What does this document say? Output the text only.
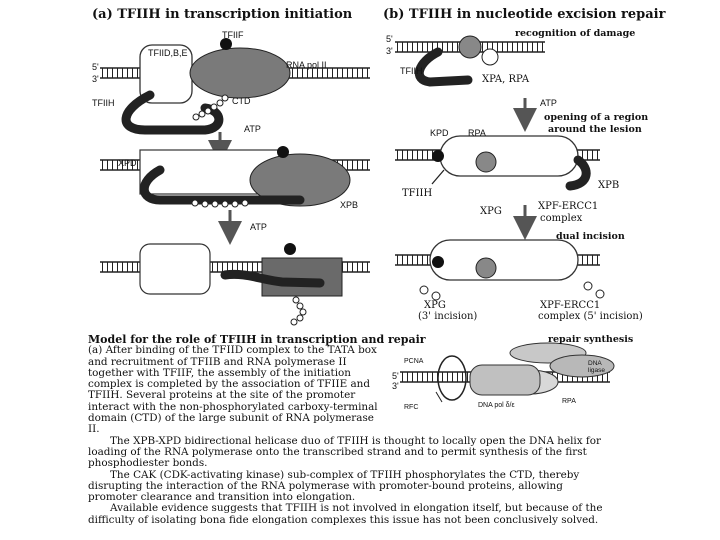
(a) TFIIH in transcription initiation (b) TFIIH in nucleotide excision repair
TFIIF
TFIID,B,E
RNA pol II
5'
3'
TFIIH	CTD
ATP
XPD
XPB
ATP
5'
3'
recognition of damage
TFIIH
XPA, RPA
ATP
opening of a region
around the lesion
KPD RPA
TFIIH
XPB
XPG	XPF-ERCC1
complex
dual incision
XPG
(3' incision)
XPF-ERCC1
complex (5' incision)
repair synthesis
PCNA	DNA ligase
5'
3'
RFC	DNA pol δ/ε
RPA

Model for the role of TFIIH in transcription and repair

(a) After binding of the TFIID complex to the TATA box and recruitment of TFIIB and RNA polymerase II together with TFIIF, the assembly of the initiation complex is completed by the association of TFIIE and TFIIH. Several proteins at the site of the promoter interact with the non-phosphorylated carboxy-terminal domain (CTD) of the large subunit of RNA polymerase II.

The XPB-XPD bidirectional helicase duo of TFIIH is thought to locally open the DNA helix for loading of the RNA polymerase onto the transcribed strand and to permit synthesis of the first phosphodiester bonds.

The CAK (CDK-activating kinase) sub-complex of TFIIH phosphorylates the CTD, thereby disrupting the interaction of the RNA polymerase with promoter-bound proteins, allowing promoter clearance and transition into elongation.

Available evidence suggests that TFIIH is not involved in elongation itself, but because of the difficulty of isolating bona fide elongation complexes this issue has not been conclusively solved.
